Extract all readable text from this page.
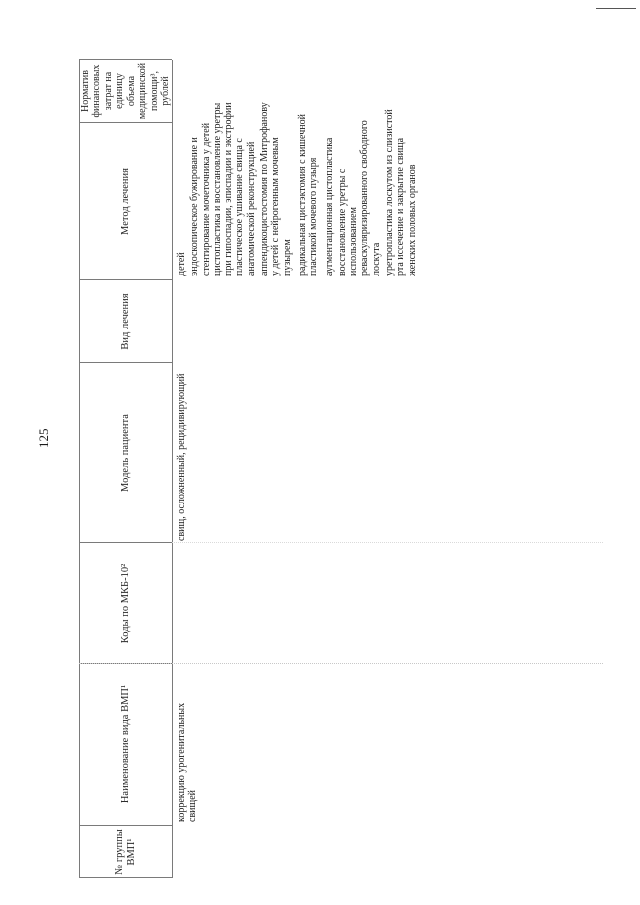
125
№ группы ВМП¹
Наименование вида ВМП¹
Коды по МКБ-10²
Модель пациента
Вид лечения
Метод лечения
Норматив финансовых затрат на единицу объема медицинской помощи³, рублей
коррекцию урогенитальных свищей
свищ, осложненный, рецидивирующий
детей эндоскопическое бужирование и стентирование мочеточника у детей цистопластика и восстановление уретры при гипоспадии, эписпадии и экстрофии пластическое ушивание свища с анатомической реконструкцией аппендикоцистостомия по Митрофанову у детей с нейрогенным мочевым пузырем радикальная цистэктомия с кишечной пластикой мочевого пузыря аугментационная цистопластика восстановление уретры с использованием реваскуляризированного свободного лоскута уретропластика лоскутом из слизистой рта иссечение и закрытие свища женских половых органов
